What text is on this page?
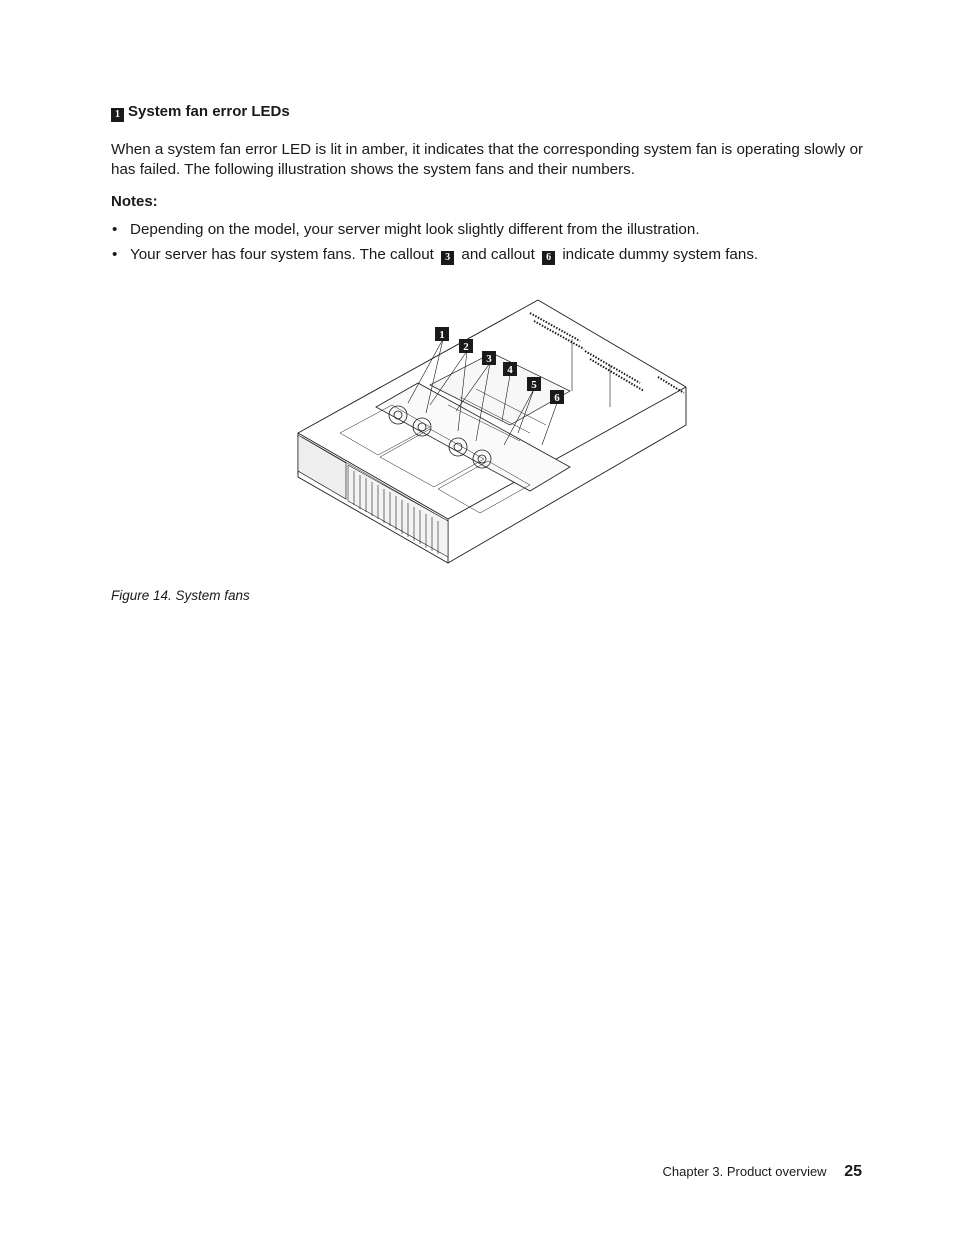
1 System fan error LEDs

When a system fan error LED is lit in amber, it indicates that the corresponding system fan is operating slowly or has failed. The following illustration shows the system fans and their numbers.

Notes:

• Depending on the model, your server might look slightly different from the illustration.
• Your server has four system fans. The callout 3 and callout 6 indicate dummy system fans.
1
2
3
4
5
6

Figure 14. System fans

Chapter 3. Product overview 25
